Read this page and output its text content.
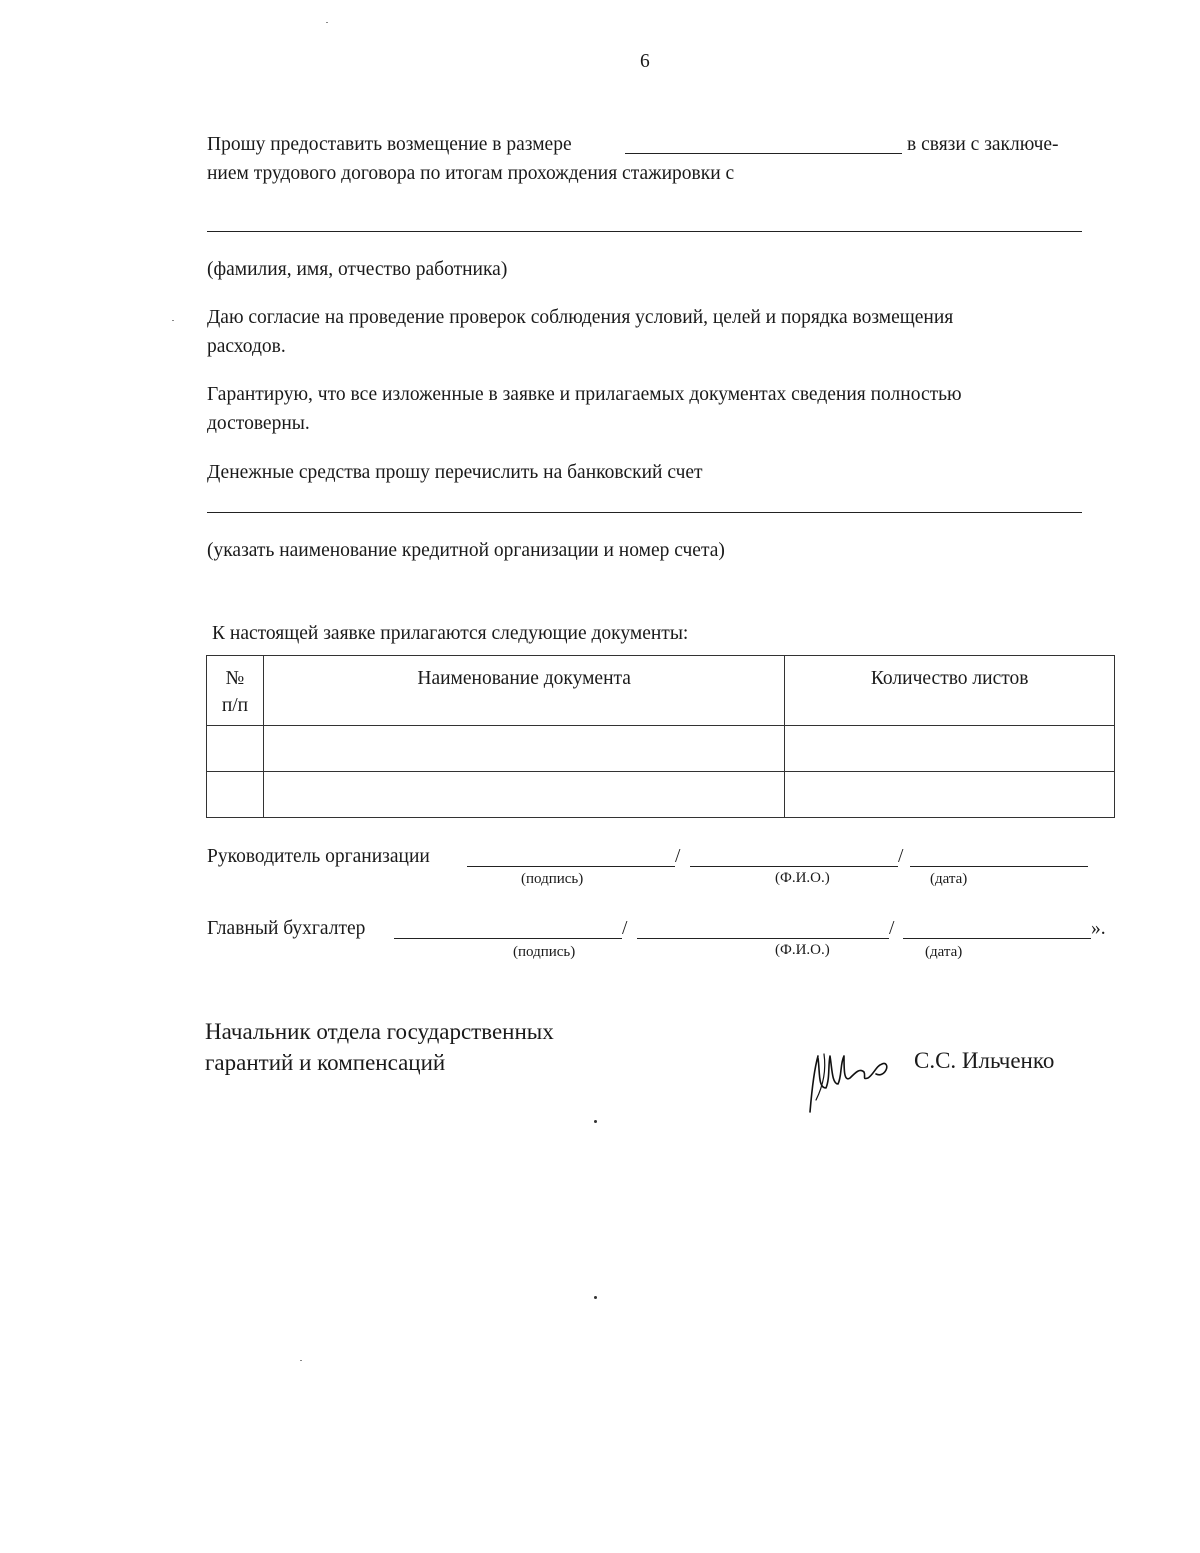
6
Прошу предоставить возмещение в размере	в связи с заключе-
нием трудового договора по итогам прохождения стажировки с
(фамилия, имя, отчество работника)
Даю согласие на проведение проверок соблюдения условий, целей и порядка возмещения
расходов.
Гарантирую, что все изложенные в заявке и прилагаемых документах сведения полностью
достоверны.
Денежные средства прошу перечислить на банковский счет
(указать наименование кредитной организации и номер счета)
К настоящей заявке прилагаются следующие документы:
№ п/п	Наименование документа	Количество листов

Руководитель организации	/	/
(подпись)	(Ф.И.О.)	(дата)
Главный бухгалтер	/	/	».
(подпись)	(Ф.И.О.)	(дата)
Начальник отдела государственных
гарантий и компенсаций	С.С. Ильченко
